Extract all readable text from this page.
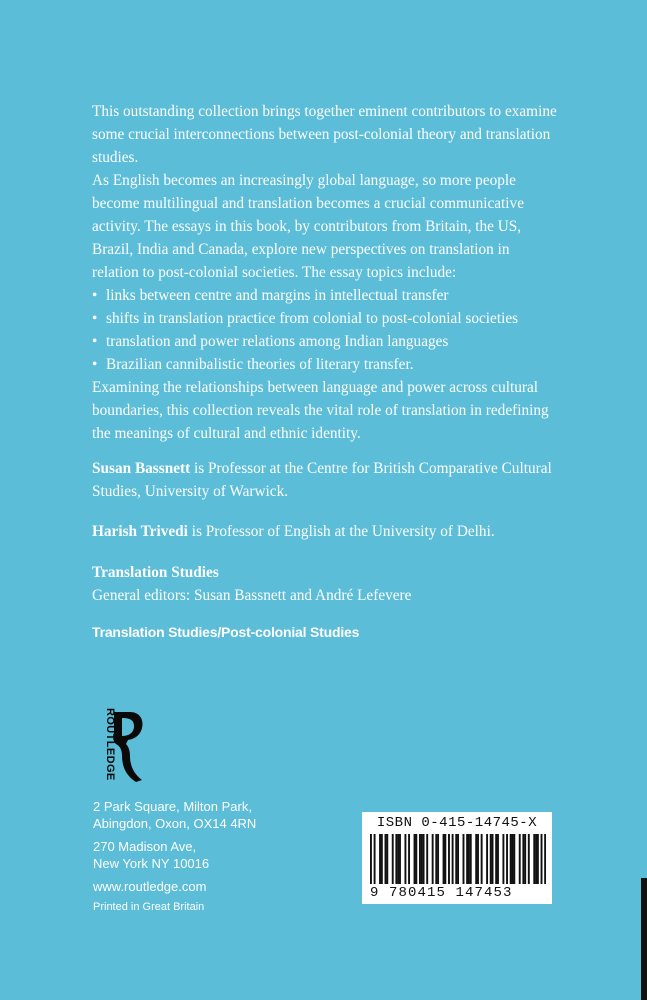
This outstanding collection brings together eminent contributors to examine some crucial interconnections between post-colonial theory and translation studies.

As English becomes an increasingly global language, so more people become multilingual and translation becomes a crucial communicative activity. The essays in this book, by contributors from Britain, the US, Brazil, India and Canada, explore new perspectives on translation in relation to post-colonial societies. The essay topics include:

• links between centre and margins in intellectual transfer
• shifts in translation practice from colonial to post-colonial societies
• translation and power relations among Indian languages
• Brazilian cannibalistic theories of literary transfer.

Examining the relationships between language and power across cultural boundaries, this collection reveals the vital role of translation in redefining the meanings of cultural and ethnic identity.

Susan Bassnett is Professor at the Centre for British Comparative Cultural Studies, University of Warwick.

Harish Trivedi is Professor of English at the University of Delhi.

Translation Studies

General editors: Susan Bassnett and André Lefevere

Translation Studies/Post-colonial Studies

ROUTLEDGE
2 Park Square, Milton Park,
Abingdon, Oxon, OX14 4RN
270 Madison Ave,
New York NY 10016
www.routledge.com
Printed in Great Britain
ISBN 0-415-14745-X
9 780415 147453
